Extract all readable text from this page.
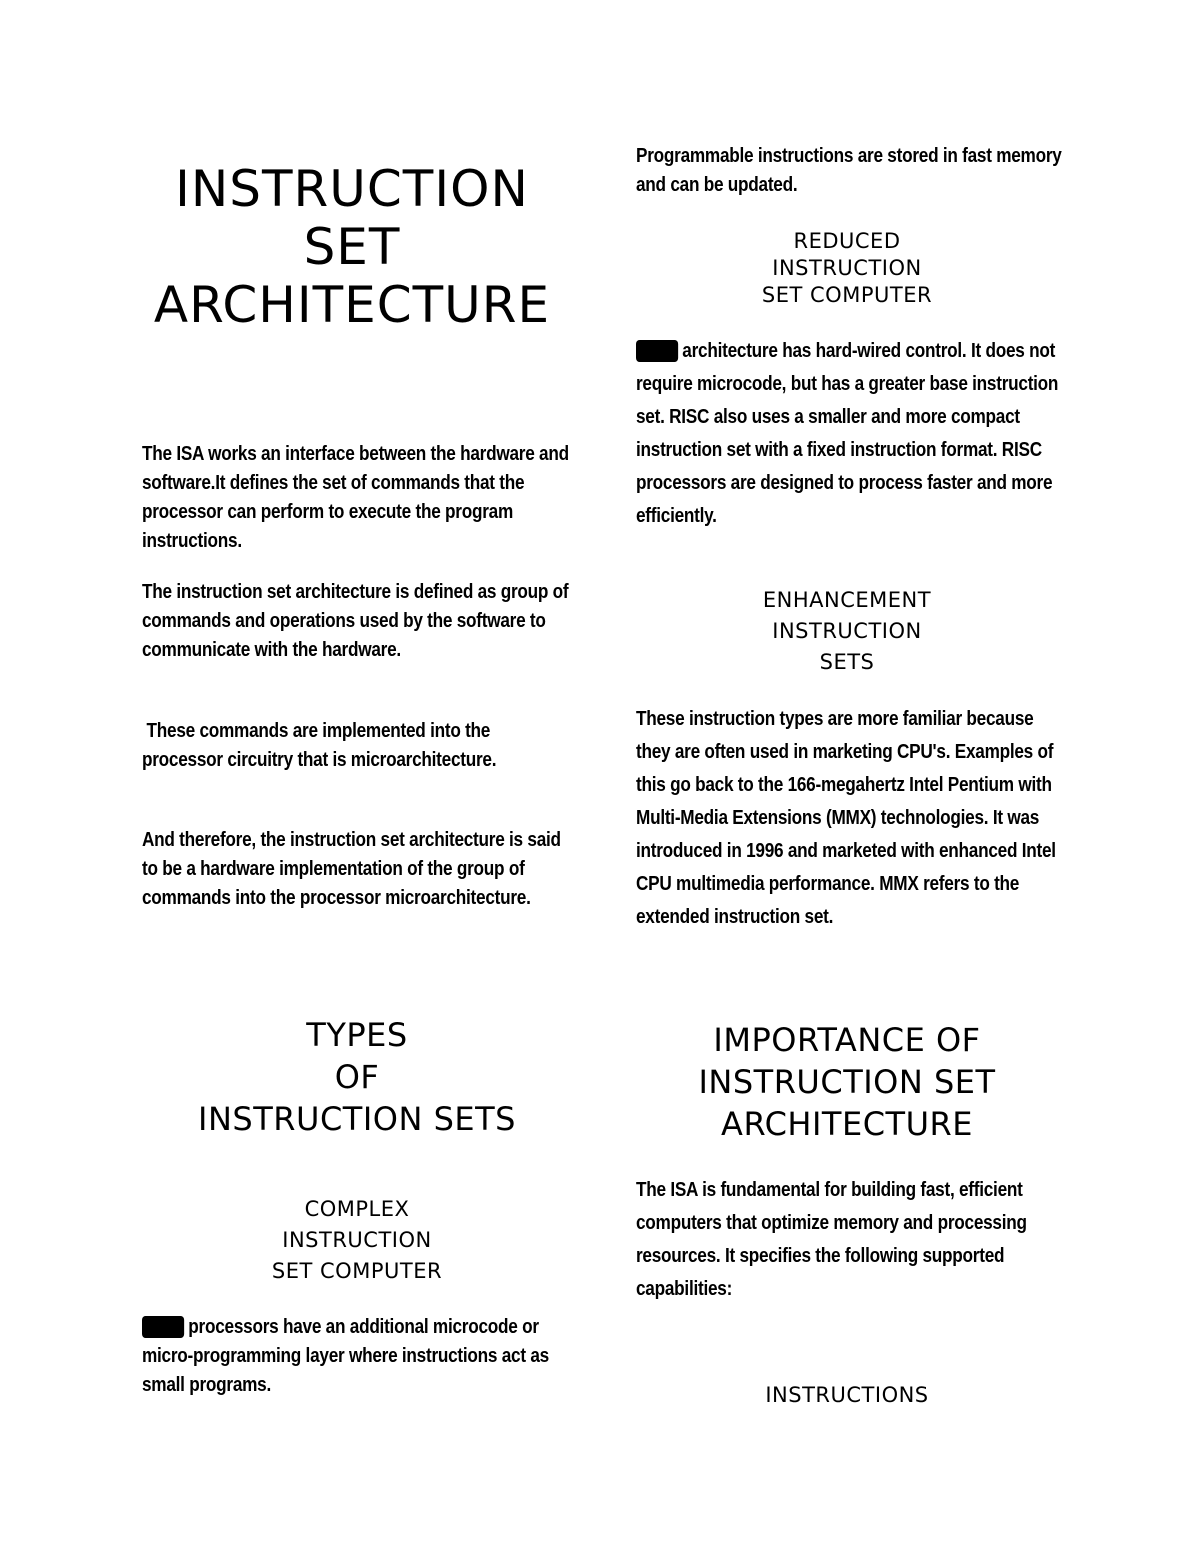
INSTRUCTION
SET
ARCHITECTURE

The ISA works an interface between the hardware and software.It defines the set of commands that the processor can perform to execute the program instructions.

The instruction set architecture is defined as group of commands and operations used by the software to communicate with the hardware.

These commands are implemented into the processor circuitry that is microarchitecture.

And therefore, the instruction set architecture is said to be a hardware implementation of the group of commands into the processor microarchitecture.

TYPES
OF
INSTRUCTION SETS
COMPLEX
INSTRUCTION
SET COMPUTER

CISC processors have an additional microcode or micro-programming layer where instructions act as small programs.

Programmable instructions are stored in fast memory and can be updated.

REDUCED
INSTRUCTION
SET COMPUTER

RISC architecture has hard-wired control. It does not require microcode, but has a greater base instruction set. RISC also uses a smaller and more compact instruction set with a fixed instruction format. RISC processors are designed to process faster and more efficiently.

ENHANCEMENT
INSTRUCTION
SETS

These instruction types are more familiar because they are often used in marketing CPU's. Examples of this go back to the 166-megahertz Intel Pentium with Multi-Media Extensions (MMX) technologies. It was introduced in 1996 and marketed with enhanced Intel CPU multimedia performance. MMX refers to the extended instruction set.

IMPORTANCE OF
INSTRUCTION SET
ARCHITECTURE

The ISA is fundamental for building fast, efficient computers that optimize memory and processing resources. It specifies the following supported capabilities:

INSTRUCTIONS
